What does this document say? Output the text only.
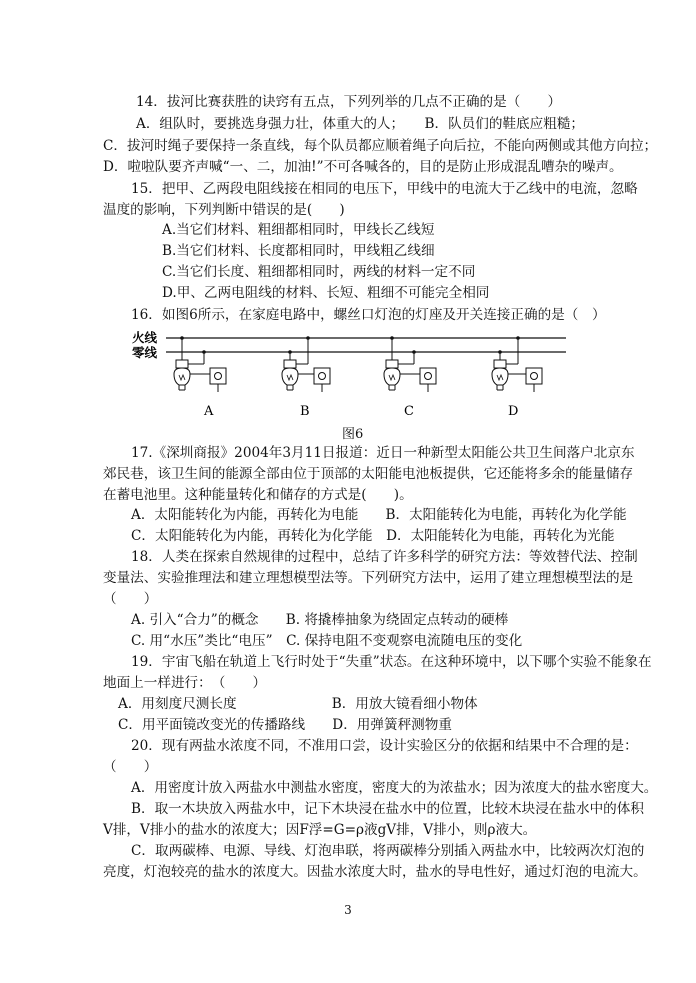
14．拔河比赛获胜的诀窍有五点，下列列举的几点不正确的是（　　）
A．组队时，要挑选身强力壮，体重大的人；　　B．队员们的鞋底应粗糙；
C．拔河时绳子要保持一条直线，每个队员都应顺着绳子向后拉，不能向两侧或其他方向拉；
D．啦啦队要齐声喊“一、二，加油!”不可各喊各的，目的是防止形成混乱嘈杂的噪声。
15．把甲、乙两段电阻线接在相同的电压下，甲线中的电流大于乙线中的电流，忽略
温度的影响，下列判断中错误的是(　　)
A.当它们材料、粗细都相同时，甲线长乙线短
B.当它们材料、长度都相同时，甲线粗乙线细
C.当它们长度、粗细都相同时，两线的材料一定不同
D.甲、乙两电阻线的材料、长短、粗细不可能完全相同
16．如图6所示，在家庭电路中，螺丝口灯泡的灯座及开关连接正确的是（　）
火线
零线
A	B	C	D
图6
17.《深圳商报》2004年3月11日报道：近日一种新型太阳能公共卫生间落户北京东
郊民巷，该卫生间的能源全部由位于顶部的太阳能电池板提供，它还能将多余的能量储存
在蓄电池里。这种能量转化和储存的方式是(　　)。
A．太阳能转化为内能，再转化为电能　　B．太阳能转化为电能，再转化为化学能
C．太阳能转化为内能，再转化为化学能　D．太阳能转化为电能，再转化为光能
18．人类在探索自然规律的过程中，总结了许多科学的研究方法：等效替代法、控制
变量法、实验推理法和建立理想模型法等。下列研究方法中，运用了建立理想模型法的是
（　　）
A. 引入“合力”的概念　　B. 将撬棒抽象为绕固定点转动的硬棒
C. 用“水压”类比“电压”　C. 保持电阻不变观察电流随电压的变化
19．宇宙飞船在轨道上飞行时处于“失重”状态。在这种环境中，以下哪个实验不能象在
地面上一样进行：　（　　）
A．用刻度尺测长度　　　　　　　B．用放大镜看细小物体
C．用平面镜改变光的传播路线　　D．用弹簧秤测物重
20．现有两盐水浓度不同，不准用口尝，设计实验区分的依据和结果中不合理的是：
（　　）
A．用密度计放入两盐水中测盐水密度，密度大的为浓盐水；因为浓度大的盐水密度大。
B．取一木块放入两盐水中，记下木块浸在盐水中的位置，比较木块浸在盐水中的体积
V排，V排小的盐水的浓度大；因F浮=G=ρ液gV排，V排小，则ρ液大。
C．取两碳棒、电源、导线、灯泡串联，将两碳棒分别插入两盐水中，比较两次灯泡的
亮度，灯泡较亮的盐水的浓度大。因盐水浓度大时，盐水的导电性好，通过灯泡的电流大。
3
